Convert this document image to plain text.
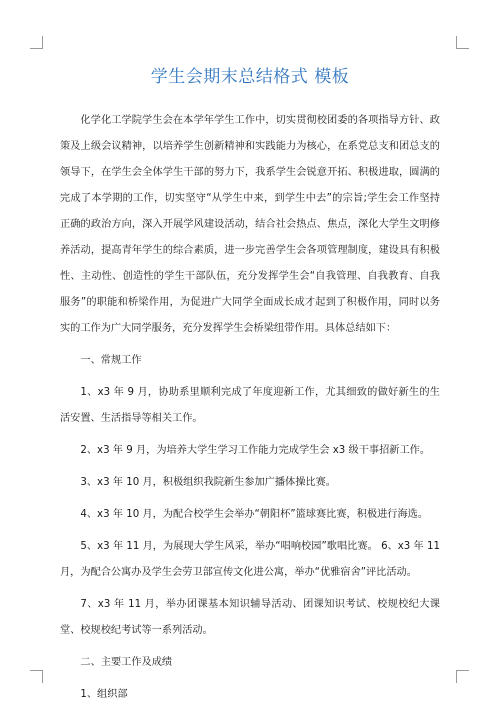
学生会期末总结格式 模板

化学化工学院学生会在本学年学生工作中，切实贯彻校团委的各项指导方针、政策及上级会议精神，以培养学生创新精神和实践能力为核心，在系党总支和团总支的领导下，在学生会全体学生干部的努力下，我系学生会锐意开拓、积极进取，圆满的完成了本学期的工作，切实坚守“从学生中来，到学生中去”的宗旨;学生会工作坚持正确的政治方向，深入开展学风建设活动，结合社会热点、焦点，深化大学生文明修养活动，提高青年学生的综合素质，进一步完善学生会各项管理制度，建设具有积极性、主动性、创造性的学生干部队伍，充分发挥学生会“自我管理、自我教育、自我服务”的职能和桥梁作用，为促进广大同学全面成长成才起到了积极作用，同时以务实的工作为广大同学服务，充分发挥学生会桥梁纽带作用。具体总结如下：

一、常规工作

1、x3 年 9 月，协助系里顺利完成了年度迎新工作，尤其细致的做好新生的生活安置、生活指导等相关工作。

2、x3 年 9 月，为培养大学生学习工作能力完成学生会 x3 级干事招新工作。

3、x3 年 10 月，积极组织我院新生参加广播体操比赛。

4、x3 年 10 月，为配合校学生会举办“朝阳杯”篮球赛比赛，积极进行海选。

5、x3 年 11 月，为展现大学生风采，举办“唱响校园”歌唱比赛。 6、x3 年 11 月，为配合公寓办及学生会劳卫部宣传文化进公寓，举办“优雅宿舍”评比活动。

7、x3 年 11 月，举办团课基本知识辅导活动、团课知识考试、校规校纪大课堂、校规校纪考试等一系列活动。

二、主要工作及成绩

1、组织部
